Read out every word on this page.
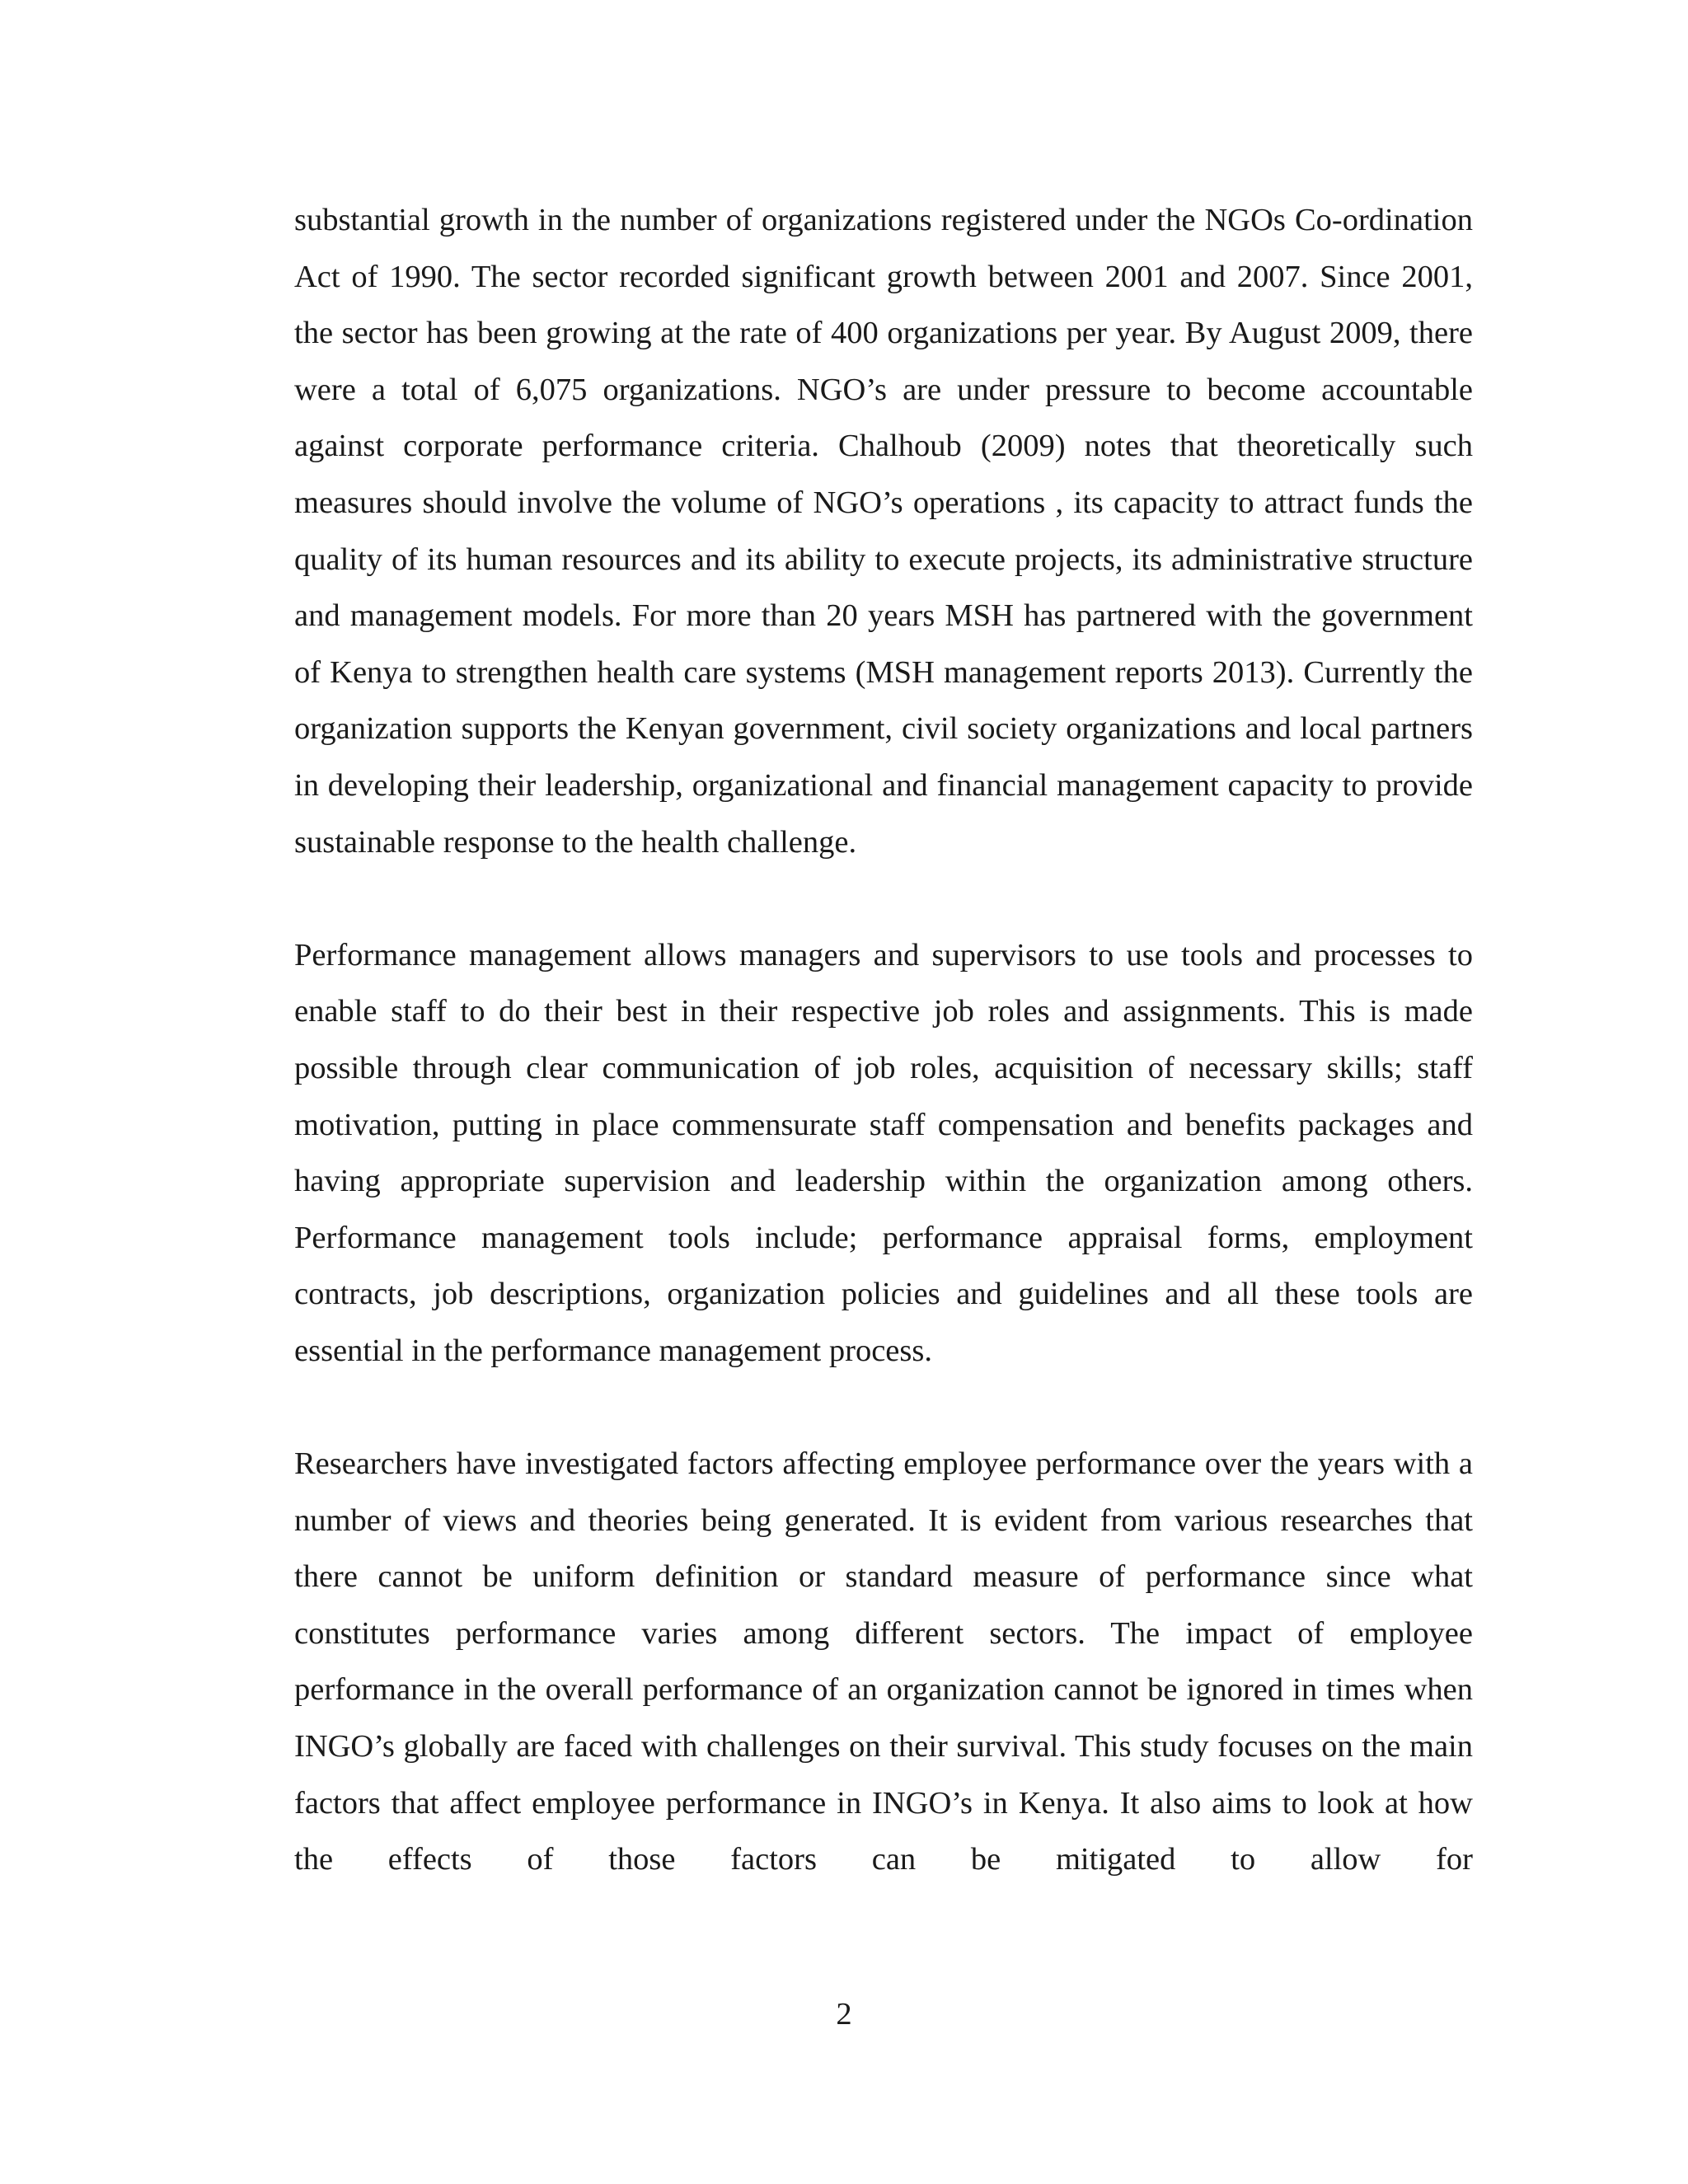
substantial growth in the number of organizations registered under the NGOs Co-ordination Act of 1990. The sector recorded significant growth between 2001 and 2007. Since 2001, the sector has been growing at the rate of 400 organizations per year. By August 2009, there were a total of 6,075 organizations. NGO’s are under pressure to become accountable against corporate performance criteria. Chalhoub (2009) notes that theoretically such measures should involve the volume of NGO’s operations , its capacity to attract funds the quality of its human resources and its ability to execute projects, its administrative structure and management models. For more than 20 years MSH has partnered with the government of Kenya to strengthen health care systems (MSH management reports 2013). Currently the organization supports the Kenyan government, civil society organizations and local partners in developing their leadership, organizational and financial management capacity to provide sustainable response to the health challenge.

Performance management allows managers and supervisors to use tools and processes to enable staff to do their best in their respective job roles and assignments. This is made possible through clear communication of job roles, acquisition of necessary skills; staff motivation, putting in place commensurate staff compensation and benefits packages and having appropriate supervision and leadership within the organization among others. Performance management tools include; performance appraisal forms, employment contracts, job descriptions, organization policies and guidelines and all these tools are essential in the performance management process.

Researchers have investigated factors affecting employee performance over the years with a number of views and theories being generated. It is evident from various researches that there cannot be uniform definition or standard measure of performance since what constitutes performance varies among different sectors. The impact of employee performance in the overall performance of an organization cannot be ignored in times when INGO’s globally are faced with challenges on their survival. This study focuses on the main factors that affect employee performance in INGO’s in Kenya. It also aims to look at how the effects of those factors can be mitigated to allow for

2
